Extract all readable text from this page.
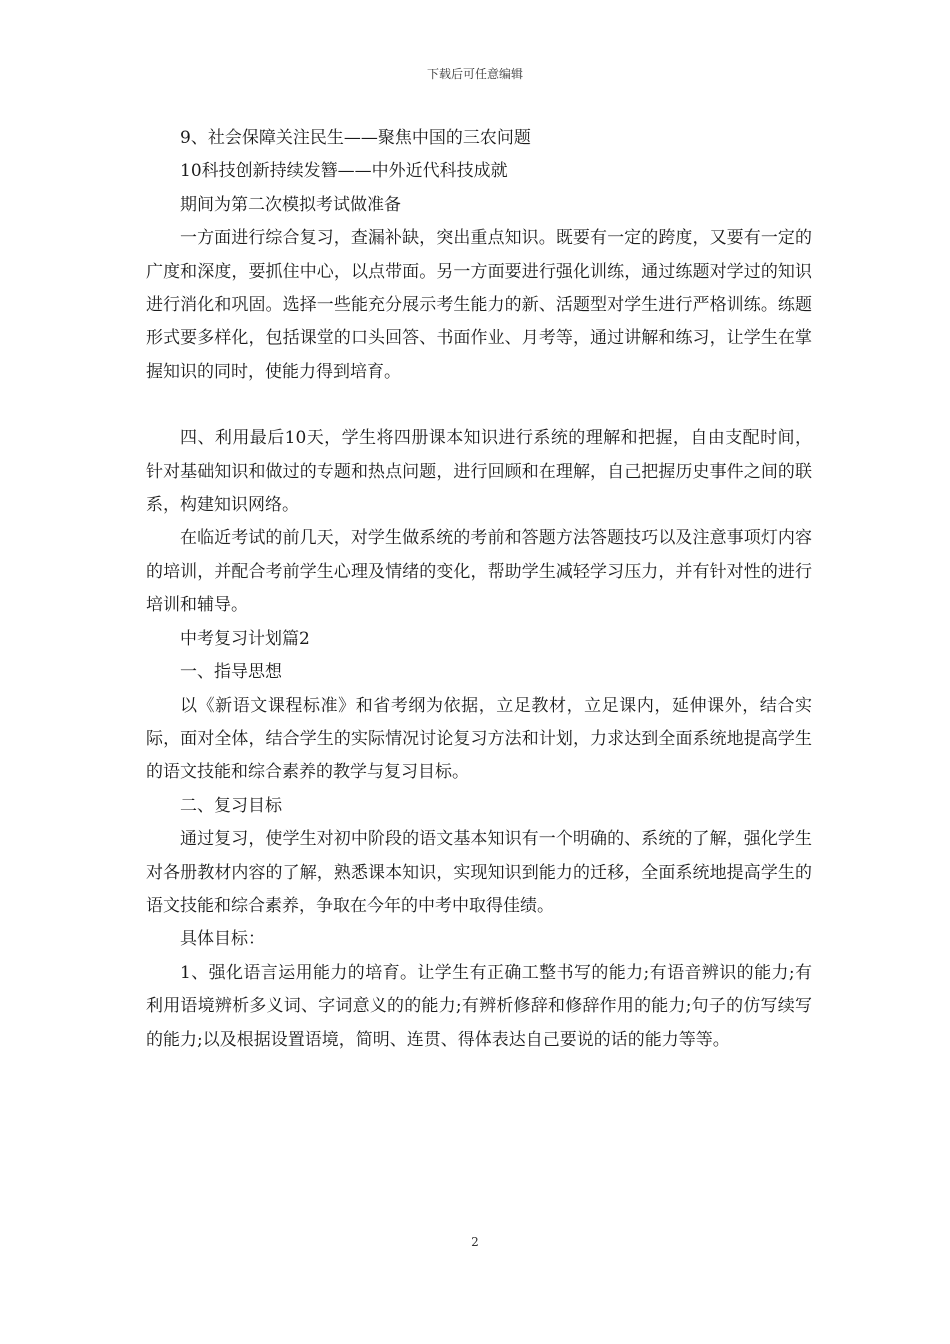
下载后可任意编辑

9、社会保障关注民生——聚焦中国的三农问题

10科技创新持续发簪——中外近代科技成就

期间为第二次模拟考试做准备

一方面进行综合复习，查漏补缺，突出重点知识。既要有一定的跨度，又要有一定的广度和深度，要抓住中心，以点带面。另一方面要进行强化训练，通过练题对学过的知识进行消化和巩固。选择一些能充分展示考生能力的新、活题型对学生进行严格训练。练题形式要多样化，包括课堂的口头回答、书面作业、月考等，通过讲解和练习，让学生在掌握知识的同时，使能力得到培育。

四、利用最后10天，学生将四册课本知识进行系统的理解和把握，自由支配时间，针对基础知识和做过的专题和热点问题，进行回顾和在理解，自己把握历史事件之间的联系，构建知识网络。

在临近考试的前几天，对学生做系统的考前和答题方法答题技巧以及注意事项灯内容的培训，并配合考前学生心理及情绪的变化，帮助学生减轻学习压力，并有针对性的进行培训和辅导。

中考复习计划篇2

一、指导思想

以《新语文课程标准》和省考纲为依据，立足教材，立足课内，延伸课外，结合实际，面对全体，结合学生的实际情况讨论复习方法和计划，力求达到全面系统地提高学生的语文技能和综合素养的教学与复习目标。

二、复习目标

通过复习，使学生对初中阶段的语文基本知识有一个明确的、系统的了解，强化学生对各册教材内容的了解，熟悉课本知识，实现知识到能力的迁移，全面系统地提高学生的语文技能和综合素养，争取在今年的中考中取得佳绩。

具体目标：

1、强化语言运用能力的培育。让学生有正确工整书写的能力;有语音辨识的能力;有利用语境辨析多义词、字词意义的的能力;有辨析修辞和修辞作用的能力;句子的仿写续写的能力;以及根据设置语境，简明、连贯、得体表达自己要说的话的能力等等。

2
